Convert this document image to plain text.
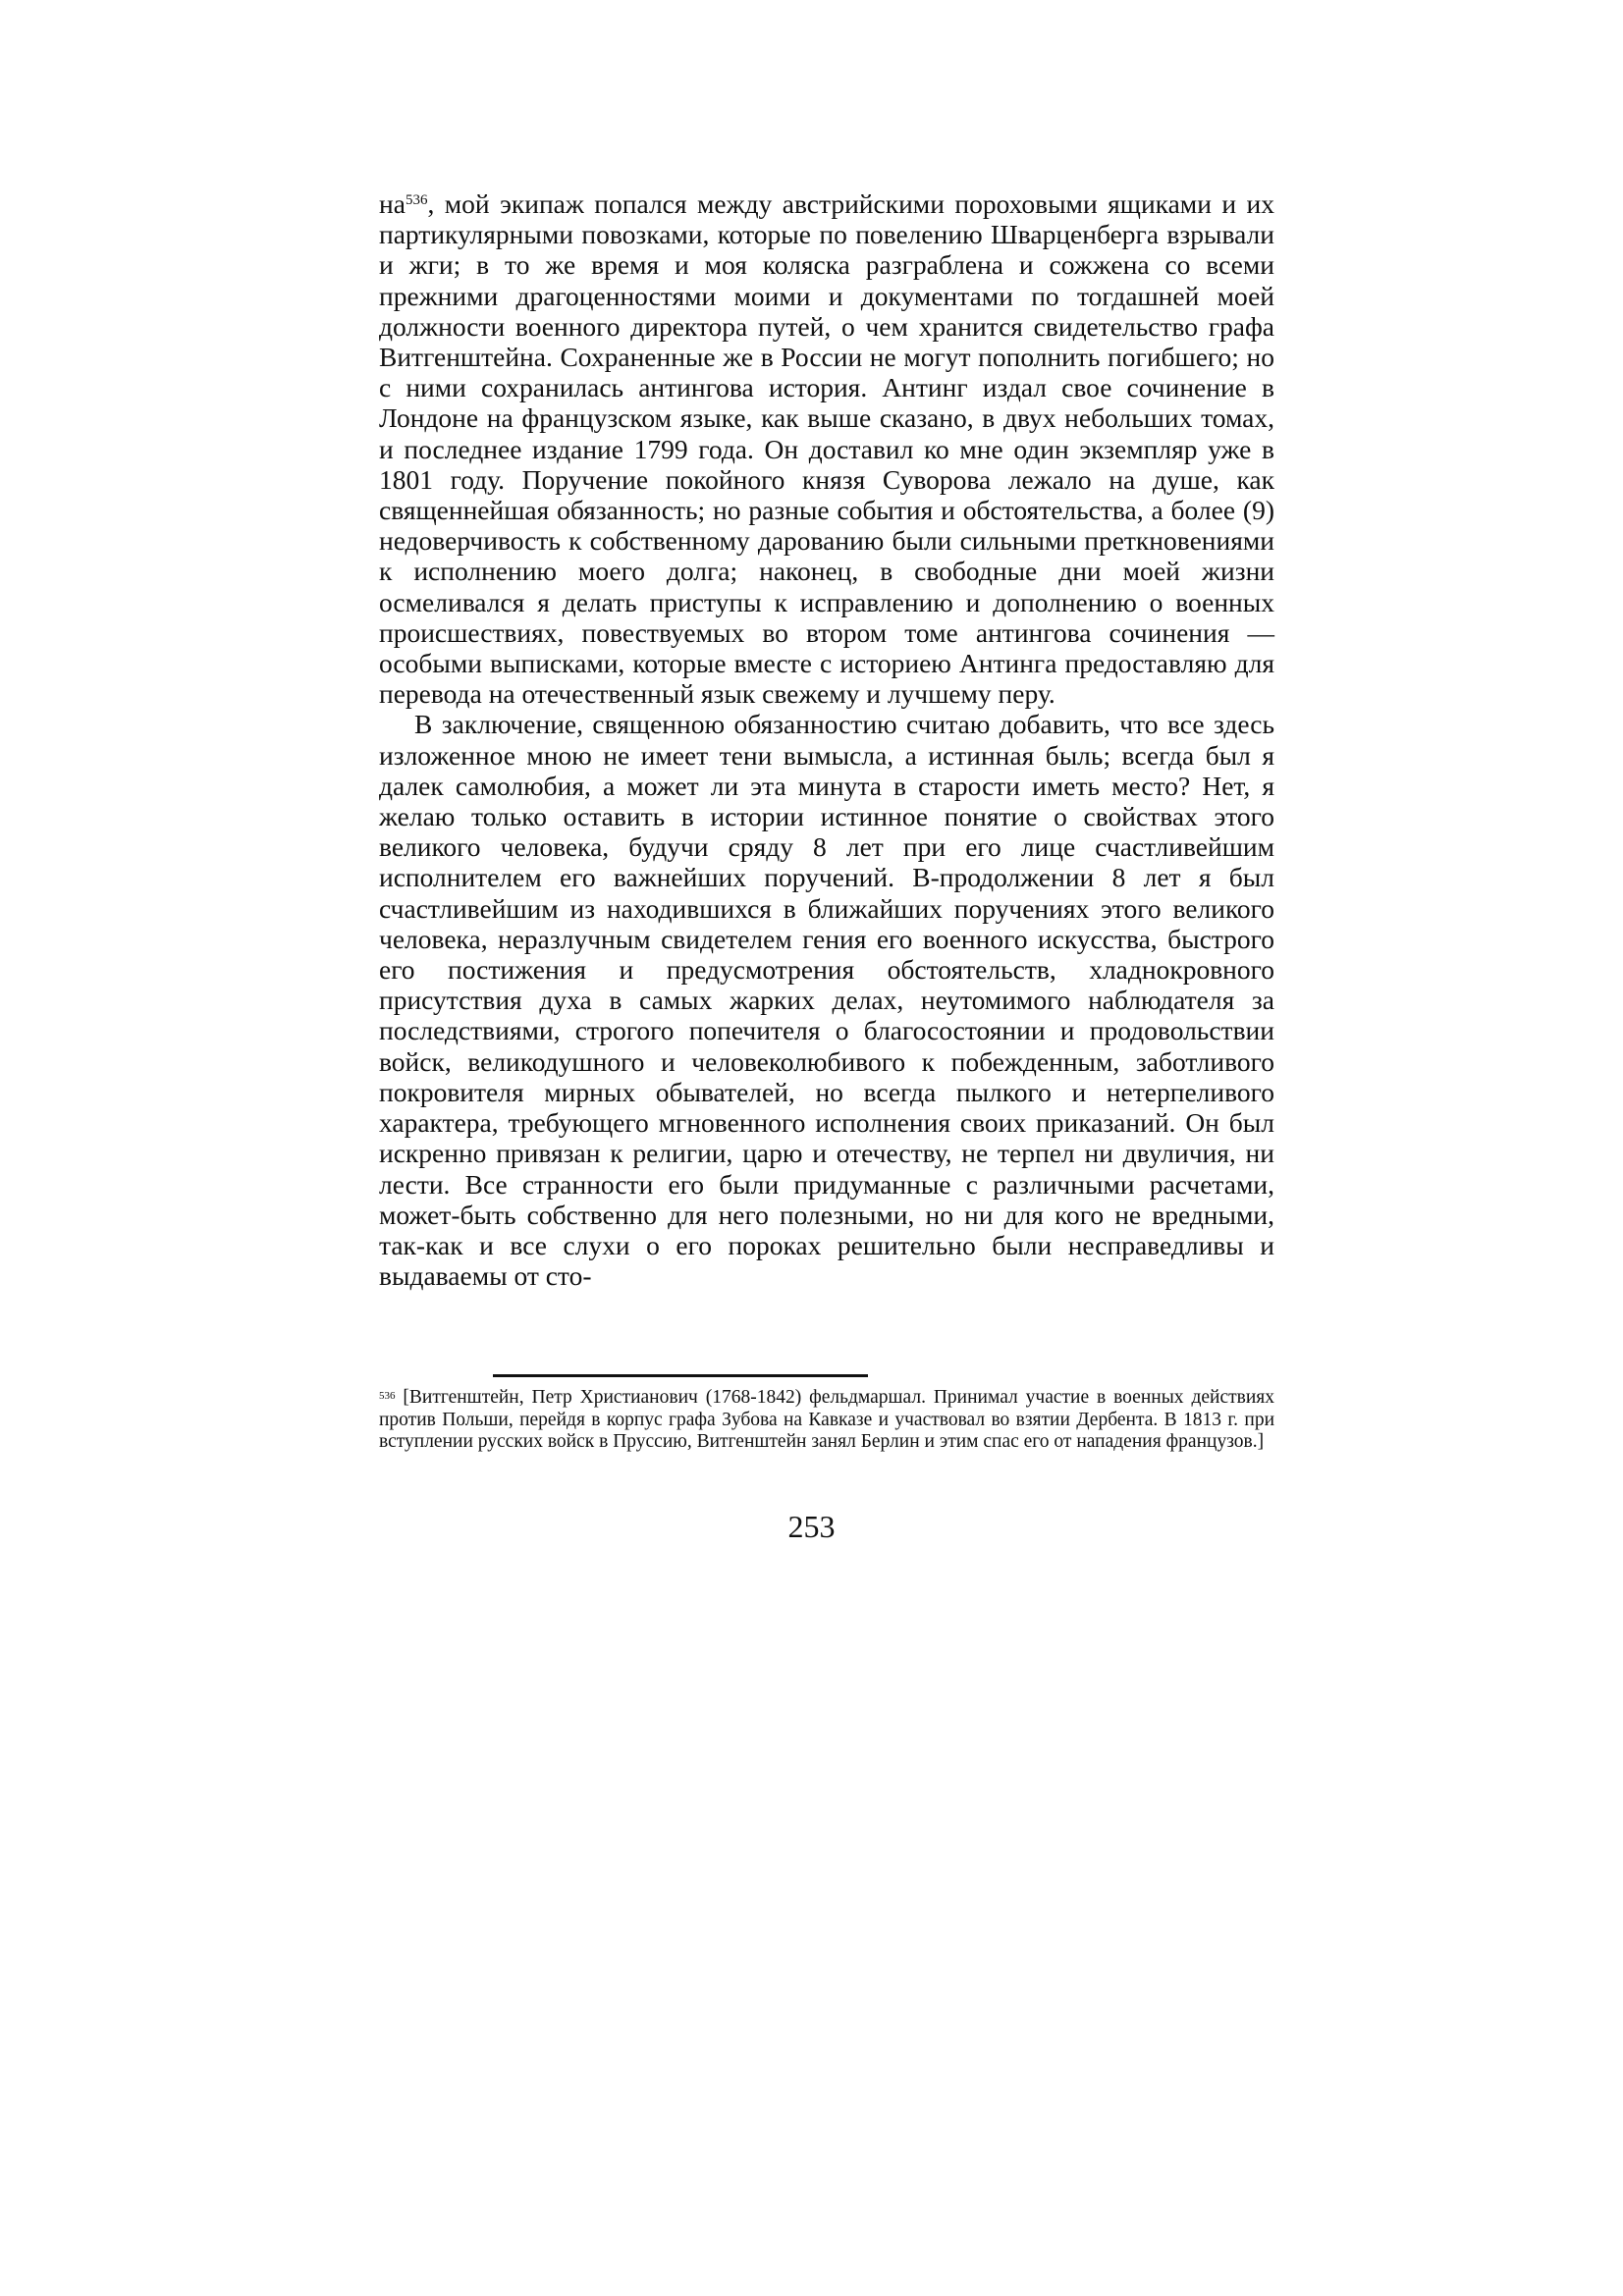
$на^{536}$, мой экипаж попался между австрийскими пороховыми ящиками и их партикулярными повозками, которые по повелению Шварценберга взрывали и жги; в то же время и моя коляска разграблена и сожжена со всеми прежними драгоценностями моими и документами по тогдашней моей должности военного директора путей, о чем хранится свидетельство графа Витгенштейна. Сохраненные же в России не могут пополнить погибшего; но с ними сохранилась антингова история. Антинг издал свое сочинение в Лондоне на французском языке, как выше сказано, в двух небольших томах, и последнее издание 1799 года. Он доставил ко мне один экземпляр уже в 1801 году. Поручение покойного князя Суворова лежало на душе, как священнейшая обязанность; но разные события и обстоятельства, а более (9) недоверчивость к собственному дарованию были сильными преткновениями к исполнению моего долга; наконец, в свободные дни моей жизни осмеливался я делать приступы к исправлению и дополнению о военных происшествиях, повествуемых во втором томе антингова сочинения — особыми выписками, которые вместе с историею Антинга предоставляю для перевода на отечественный язык свежему и лучшему перу.

В заключение, священною обязанностию считаю добавить, что все здесь изложенное мною не имеет тени вымысла, а истинная быль; всегда был я далек самолюбия, а может ли эта минута в старости иметь место? Нет, я желаю только оставить в истории истинное понятие о свойствах этого великого человека, будучи сряду 8 лет при его лице счастливейшим исполнителем его важнейших поручений. В-продолжении 8 лет я был счастливейшим из находившихся в ближайших поручениях этого великого человека, неразлучным свидетелем гения его военного искусства, быстрого его постижения и предусмотрения обстоятельств, хладнокровного присутствия духа в самых жарких делах, неутомимого наблюдателя за последствиями, строгого попечителя о благосостоянии и продовольствии войск, великодушного и человеколюбивого к побежденным, заботливого покровителя мирных обывателей, но всегда пылкого и нетерпеливого характера, требующего мгновенного исполнения своих приказаний. Он был искренно привязан к религии, царю и отечеству, не терпел ни двуличия, ни лести. Все странности его были придуманные с различными расчетами, может-быть собственно для него полезными, но ни для кого не вредными, так-как и все слухи о его пороках решительно были несправедливы и выдаваемы от сто-

$^{536}$ [Витгенштейн, Петр Христианович (1768-1842) фельдмаршал. Принимал участие в военных действиях против Польши, перейдя в корпус графа Зубова на Кавказе и участвовал во взятии Дербента. В 1813 г. при вступлении русских войск в Пруссию, Витгенштейн занял Берлин и этим спас его от нападения французов.]

253
